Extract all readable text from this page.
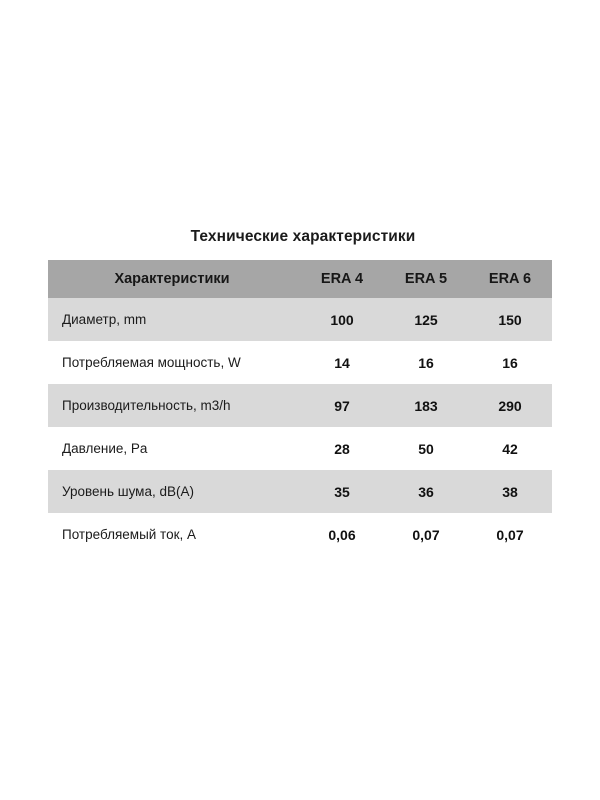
Технические характеристики
Характеристики	ERA 4	ERA 5	ERA 6
Диаметр, mm	100	125	150
Потребляемая мощность, W	14	16	16
Производительность, m3/h	97	183	290
Давление, Pa	28	50	42
Уровень шума, dB(A)	35	36	38
Потребляемый ток, A	0,06	0,07	0,07
